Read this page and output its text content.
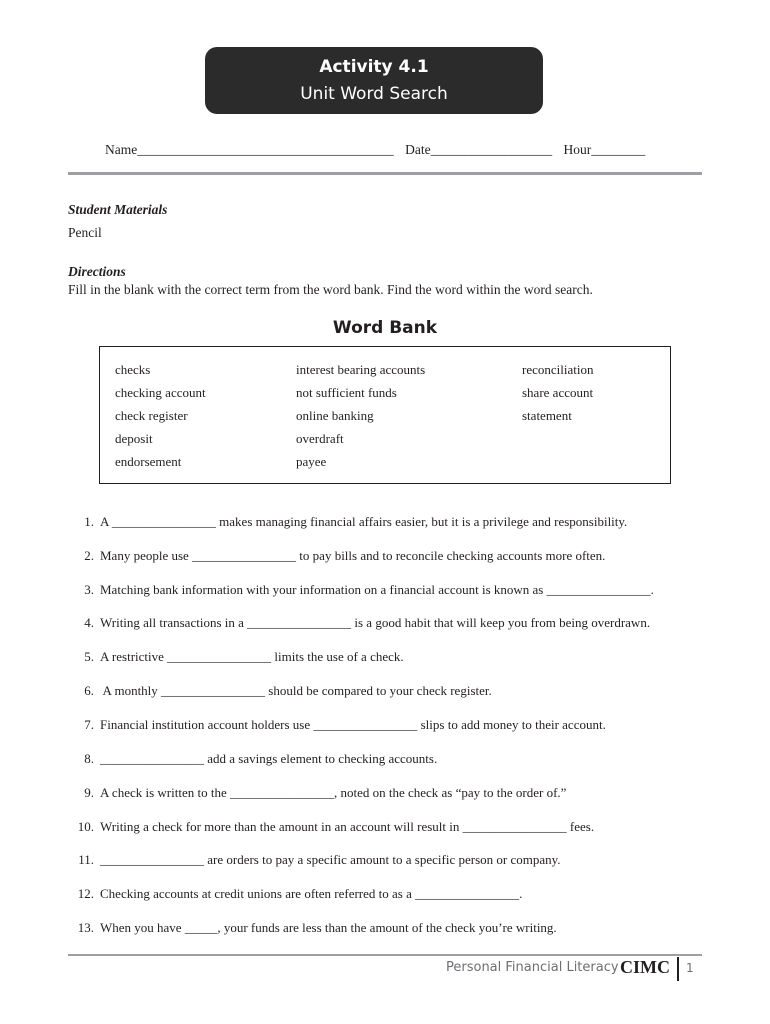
Activity 4.1
Unit Word Search
Name______________________________________ Date__________________ Hour________
Student Materials
Pencil
Directions
Fill in the blank with the correct term from the word bank. Find the word within the word search.
Word Bank
checks
checking account
check register
deposit
endorsement
interest bearing accounts
not sufficient funds
online banking
overdraft
payee
reconciliation
share account
statement
1. A ________________ makes managing financial affairs easier, but it is a privilege and responsibility.
2. Many people use ________________ to pay bills and to reconcile checking accounts more often.
3. Matching bank information with your information on a financial account is known as ________________.
4. Writing all transactions in a ________________ is a good habit that will keep you from being overdrawn.
5. A restrictive ________________ limits the use of a check.
6. A monthly ________________ should be compared to your check register.
7. Financial institution account holders use ________________ slips to add money to their account.
8. ________________ add a savings element to checking accounts.
9. A check is written to the ________________, noted on the check as “pay to the order of.”
10. Writing a check for more than the amount in an account will result in ________________ fees.
11. ________________ are orders to pay a specific amount to a specific person or company.
12. Checking accounts at credit unions are often referred to as a ________________.
13. When you have _____, your funds are less than the amount of the check you’re writing.
Personal Financial Literacy CIMC 1
